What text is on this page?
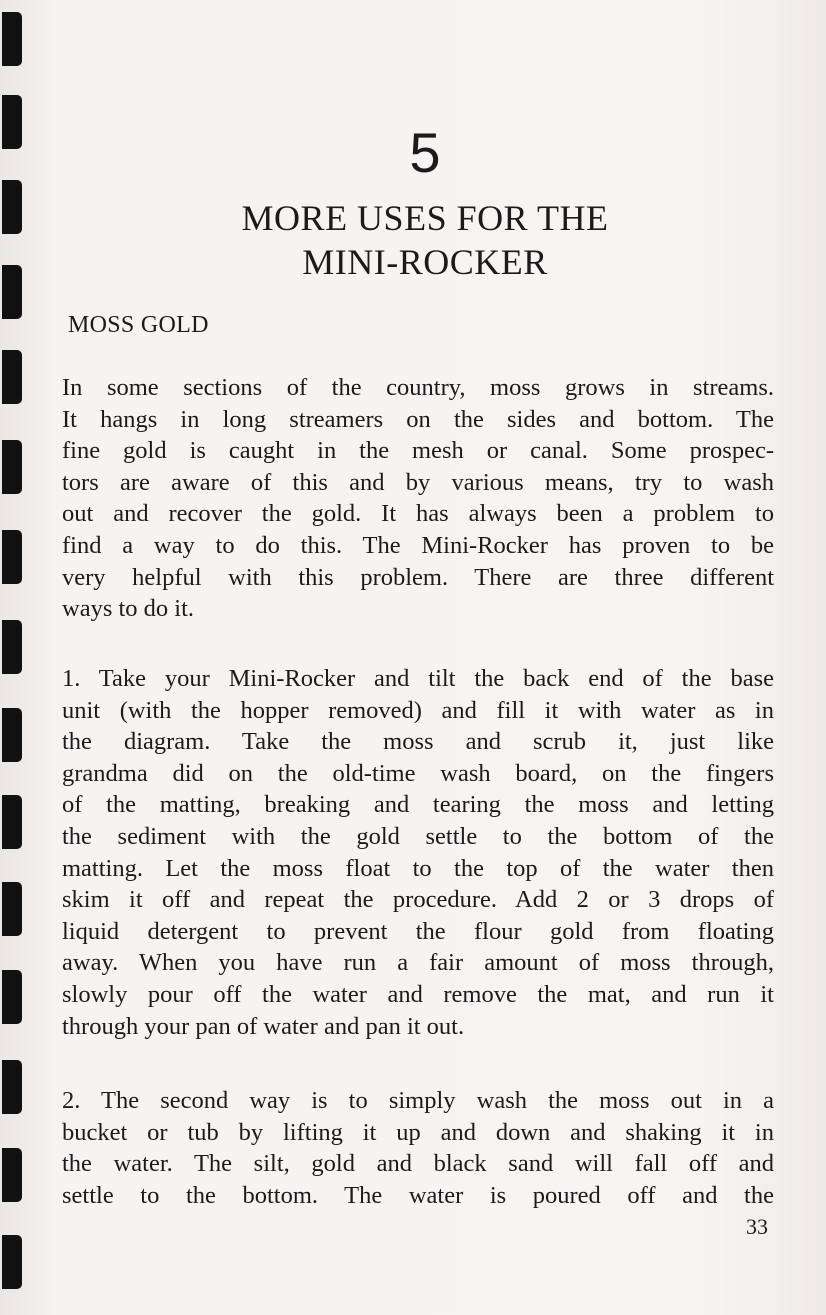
5
MORE USES FOR THE
MINI-ROCKER
MOSS GOLD
In some sections of the country, moss grows in streams.
It hangs in long streamers on the sides and bottom. The
fine gold is caught in the mesh or canal. Some prospec-
tors are aware of this and by various means, try to wash
out and recover the gold. It has always been a problem to
find a way to do this. The Mini-Rocker has proven to be
very helpful with this problem. There are three different
ways to do it.
1. Take your Mini-Rocker and tilt the back end of the base
unit (with the hopper removed) and fill it with water as in
the diagram. Take the moss and scrub it, just like
grandma did on the old-time wash board, on the fingers
of the matting, breaking and tearing the moss and letting
the sediment with the gold settle to the bottom of the
matting. Let the moss float to the top of the water then
skim it off and repeat the procedure. Add 2 or 3 drops of
liquid detergent to prevent the flour gold from floating
away. When you have run a fair amount of moss through,
slowly pour off the water and remove the mat, and run it
through your pan of water and pan it out.
2. The second way is to simply wash the moss out in a
bucket or tub by lifting it up and down and shaking it in
the water. The silt, gold and black sand will fall off and
settle to the bottom. The water is poured off and the
33
